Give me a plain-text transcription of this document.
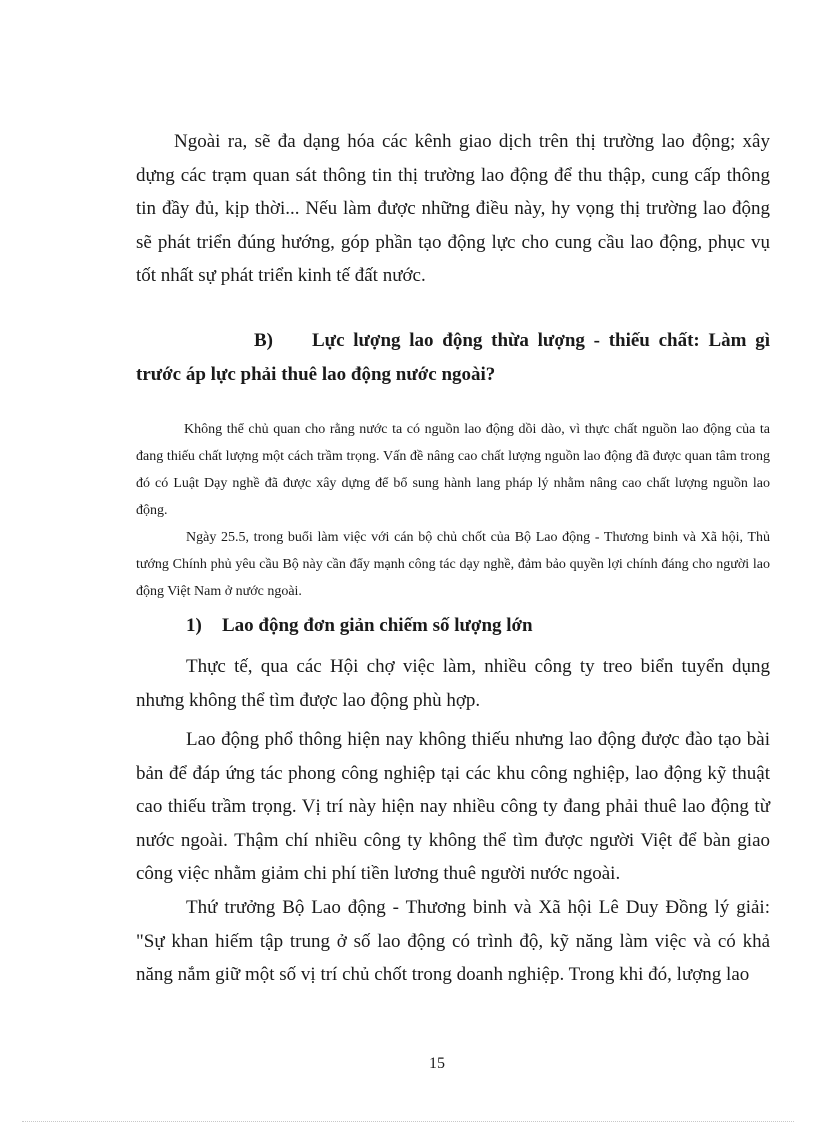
Ngoài ra, sẽ đa dạng hóa các kênh giao dịch trên thị trường lao động; xây dựng các trạm quan sát thông tin thị trường lao động để thu thập, cung cấp thông tin đầy đủ, kịp thời... Nếu làm được những điều này, hy vọng thị trường lao động sẽ phát triển đúng hướng, góp phần tạo động lực cho cung cầu lao động, phục vụ tốt nhất sự phát triển kinh tế đất nước.

B) Lực lượng lao động thừa lượng - thiếu chất: Làm gì trước áp lực phải thuê lao động nước ngoài?

Không thể chủ quan cho rằng nước ta có nguồn lao động dồi dào, vì thực chất nguồn lao động của ta đang thiếu chất lượng một cách trầm trọng. Vấn đề nâng cao chất lượng nguồn lao động đã được quan tâm trong đó có Luật Dạy nghề đã được xây dựng để bổ sung hành lang pháp lý nhằm nâng cao chất lượng nguồn lao động.

Ngày 25.5, trong buổi làm việc với cán bộ chủ chốt của Bộ Lao động - Thương binh và Xã hội, Thủ tướng Chính phủ yêu cầu Bộ này cần đẩy mạnh công tác dạy nghề, đảm bảo quyền lợi chính đáng cho người lao động Việt Nam ở nước ngoài.

1) Lao động đơn giản chiếm số lượng lớn

Thực tế, qua các Hội chợ việc làm, nhiều công ty treo biển tuyển dụng nhưng không thể tìm được lao động phù hợp.

Lao động phổ thông hiện nay không thiếu nhưng lao động được đào tạo bài bản để đáp ứng tác phong công nghiệp tại các khu công nghiệp, lao động kỹ thuật cao thiếu trầm trọng. Vị trí này hiện nay nhiều công ty đang phải thuê lao động từ nước ngoài. Thậm chí nhiều công ty không thể tìm được người Việt để bàn giao công việc nhằm giảm chi phí tiền lương thuê người nước ngoài.

Thứ trưởng Bộ Lao động - Thương binh và Xã hội Lê Duy Đồng lý giải: "Sự khan hiếm tập trung ở số lao động có trình độ, kỹ năng làm việc và có khả năng nắm giữ một số vị trí chủ chốt trong doanh nghiệp. Trong khi đó, lượng lao

15
